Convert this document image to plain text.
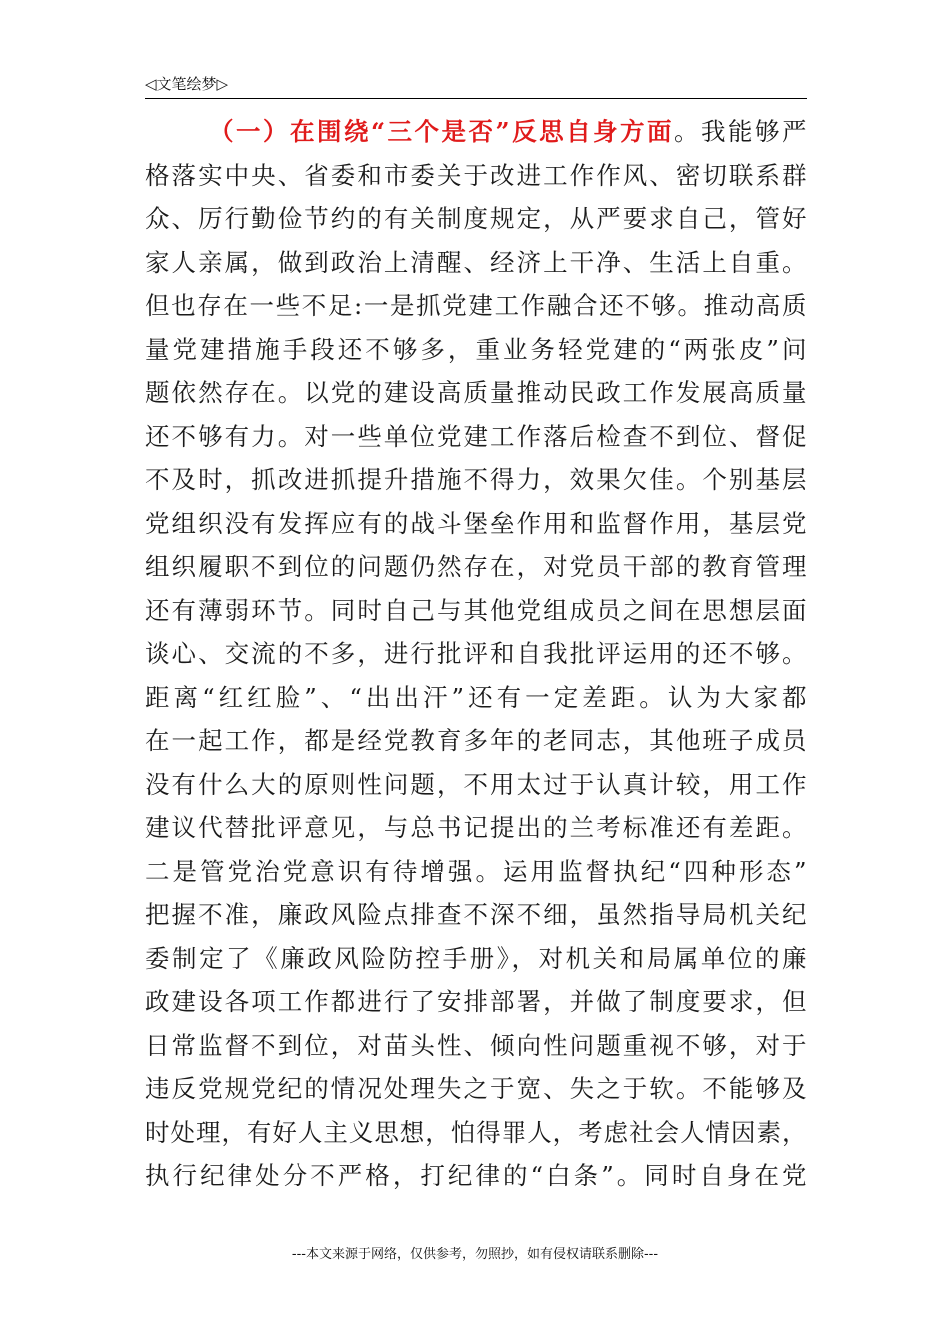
◁文笔绘梦▷
（一）在围绕“三个是否”反思自身方面。我能够严
格落实中央、省委和市委关于改进工作作风、密切联系群
众、厉行勤俭节约的有关制度规定，从严要求自己，管好
家人亲属，做到政治上清醒、经济上干净、生活上自重。
但也存在一些不足:一是抓党建工作融合还不够。推动高质
量党建措施手段还不够多，重业务轻党建的“两张皮”问
题依然存在。以党的建设高质量推动民政工作发展高质量
还不够有力。对一些单位党建工作落后检查不到位、督促
不及时，抓改进抓提升措施不得力，效果欠佳。个别基层
党组织没有发挥应有的战斗堡垒作用和监督作用，基层党
组织履职不到位的问题仍然存在，对党员干部的教育管理
还有薄弱环节。同时自己与其他党组成员之间在思想层面
谈心、交流的不多，进行批评和自我批评运用的还不够。
距离“红红脸”、“出出汗”还有一定差距。认为大家都
在一起工作，都是经党教育多年的老同志，其他班子成员
没有什么大的原则性问题，不用太过于认真计较，用工作
建议代替批评意见，与总书记提出的兰考标准还有差距。
二是管党治党意识有待增强。运用监督执纪“四种形态”
把握不准，廉政风险点排查不深不细，虽然指导局机关纪
委制定了《廉政风险防控手册》，对机关和局属单位的廉
政建设各项工作都进行了安排部署，并做了制度要求，但
日常监督不到位，对苗头性、倾向性问题重视不够，对于
违反党规党纪的情况处理失之于宽、失之于软。不能够及
时处理，有好人主义思想，怕得罪人，考虑社会人情因素，
执行纪律处分不严格，打纪律的“白条”。同时自身在党
---本文来源于网络，仅供参考，勿照抄，如有侵权请联系删除---
